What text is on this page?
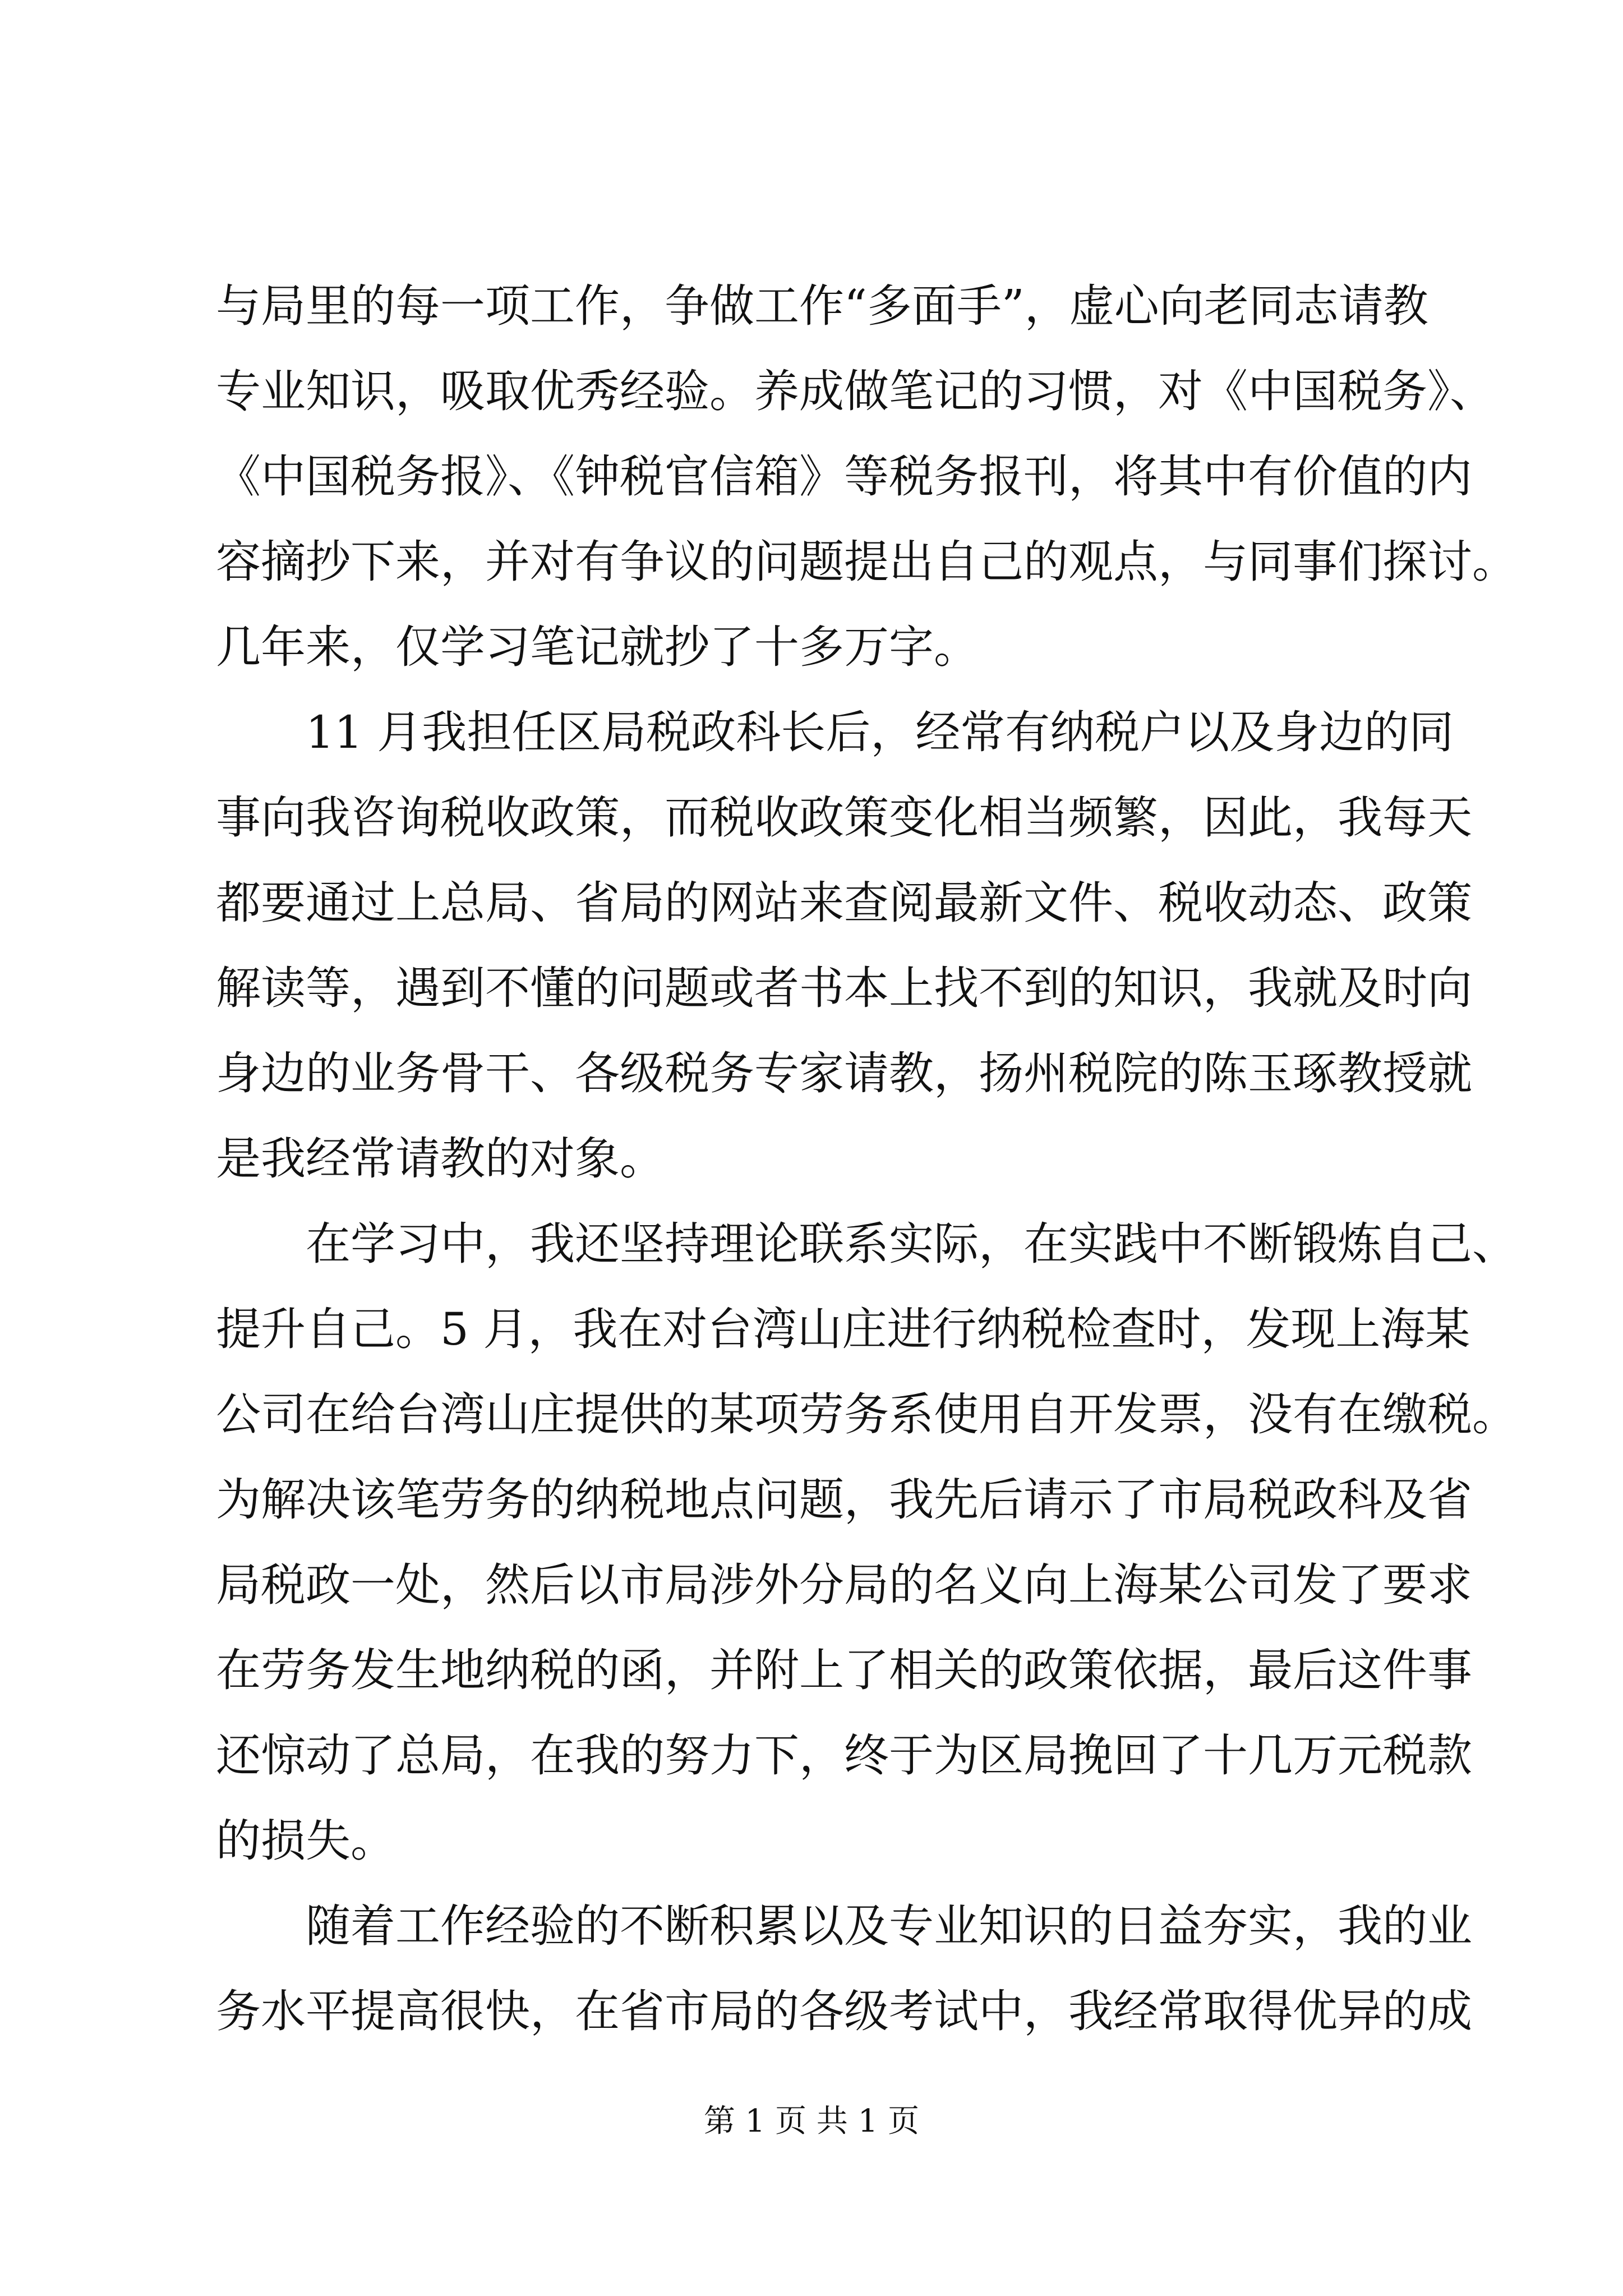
与局里的每一项工作，争做工作“多面手”，虚心向老同志请教
专业知识，吸取优秀经验。养成做笔记的习惯，对《中国税务》、
《中国税务报》、《钟税官信箱》等税务报刊，将其中有价值的内
容摘抄下来，并对有争议的问题提出自己的观点，与同事们探讨。
几年来，仅学习笔记就抄了十多万字。
11 月我担任区局税政科长后，经常有纳税户以及身边的同
事向我咨询税收政策，而税收政策变化相当频繁，因此，我每天
都要通过上总局、省局的网站来查阅最新文件、税收动态、政策
解读等，遇到不懂的问题或者书本上找不到的知识，我就及时向
身边的业务骨干、各级税务专家请教，扬州税院的陈玉琢教授就
是我经常请教的对象。
在学习中，我还坚持理论联系实际，在实践中不断锻炼自己、
提升自己。5 月，我在对台湾山庄进行纳税检查时，发现上海某
公司在给台湾山庄提供的某项劳务系使用自开发票，没有在缴税。
为解决该笔劳务的纳税地点问题，我先后请示了市局税政科及省
局税政一处，然后以市局涉外分局的名义向上海某公司发了要求
在劳务发生地纳税的函，并附上了相关的政策依据，最后这件事
还惊动了总局，在我的努力下，终于为区局挽回了十几万元税款
的损失。
随着工作经验的不断积累以及专业知识的日益夯实，我的业
务水平提高很快，在省市局的各级考试中，我经常取得优异的成
第 1 页 共 1 页
